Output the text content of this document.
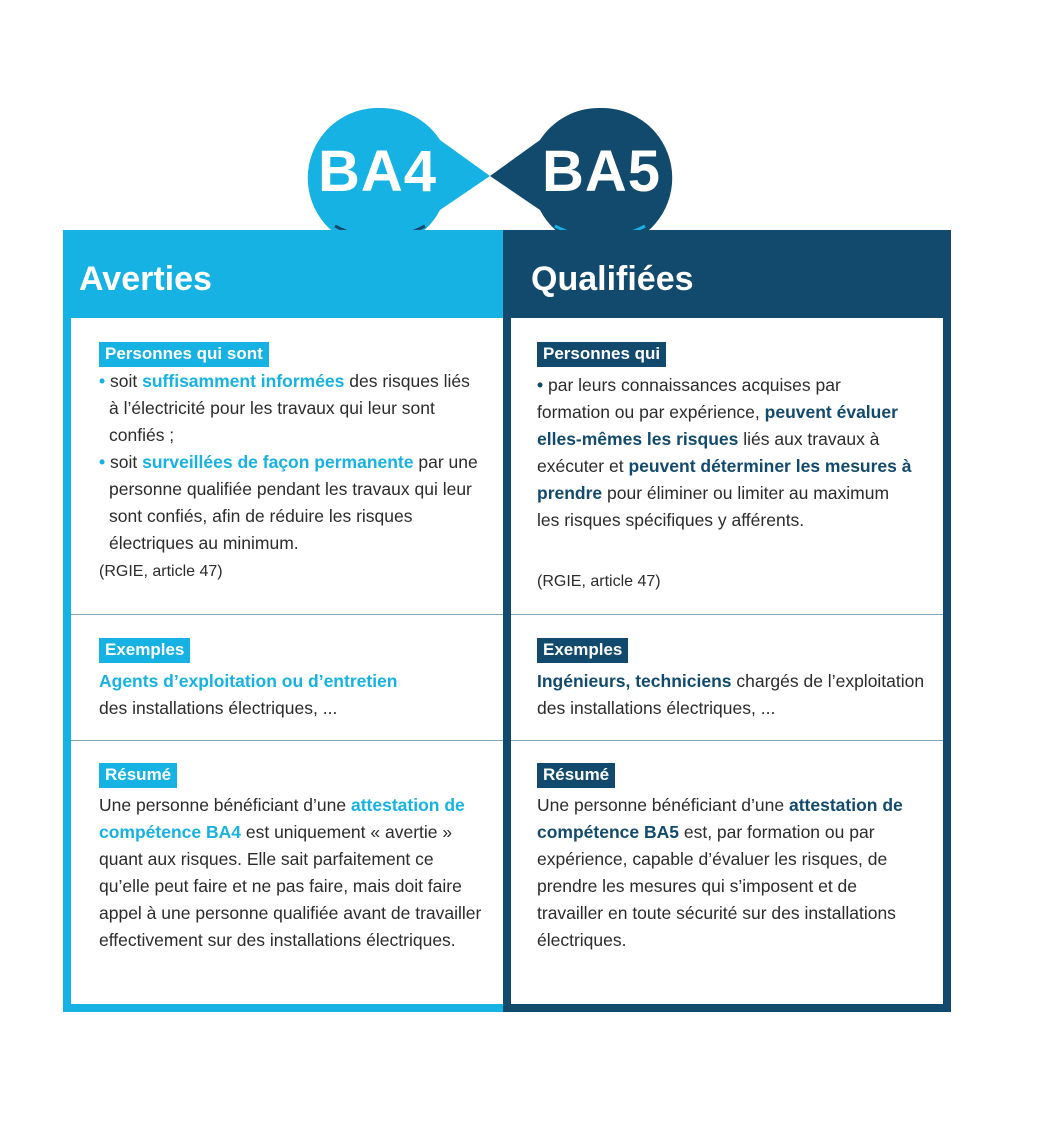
BA4 BA5
Averties
Personnes qui sont
• soit suffisamment informées des risques liés à l’électricité pour les travaux qui leur sont confiés ;
• soit surveillées de façon permanente par une personne qualifiée pendant les travaux qui leur sont confiés, afin de réduire les risques électriques au minimum.
(RGIE, article 47)
Exemples
Agents d’exploitation ou d’entretien
des installations électriques, ...
Résumé
Une personne bénéficiant d’une attestation de compétence BA4 est uniquement « avertie » quant aux risques. Elle sait parfaitement ce qu’elle peut faire et ne pas faire, mais doit faire appel à une personne qualifiée avant de travailler effectivement sur des installations électriques.
Qualifiées
Personnes qui
• par leurs connaissances acquises par formation ou par expérience, peuvent évaluer elles-mêmes les risques liés aux travaux à exécuter et peuvent déterminer les mesures à prendre pour éliminer ou limiter au maximum les risques spécifiques y afférents.
(RGIE, article 47)
Exemples
Ingénieurs, techniciens chargés de l’exploitation des installations électriques, ...
Résumé
Une personne bénéficiant d’une attestation de compétence BA5 est, par formation ou par expérience, capable d’évaluer les risques, de prendre les mesures qui s’imposent et de travailler en toute sécurité sur des installations électriques.
